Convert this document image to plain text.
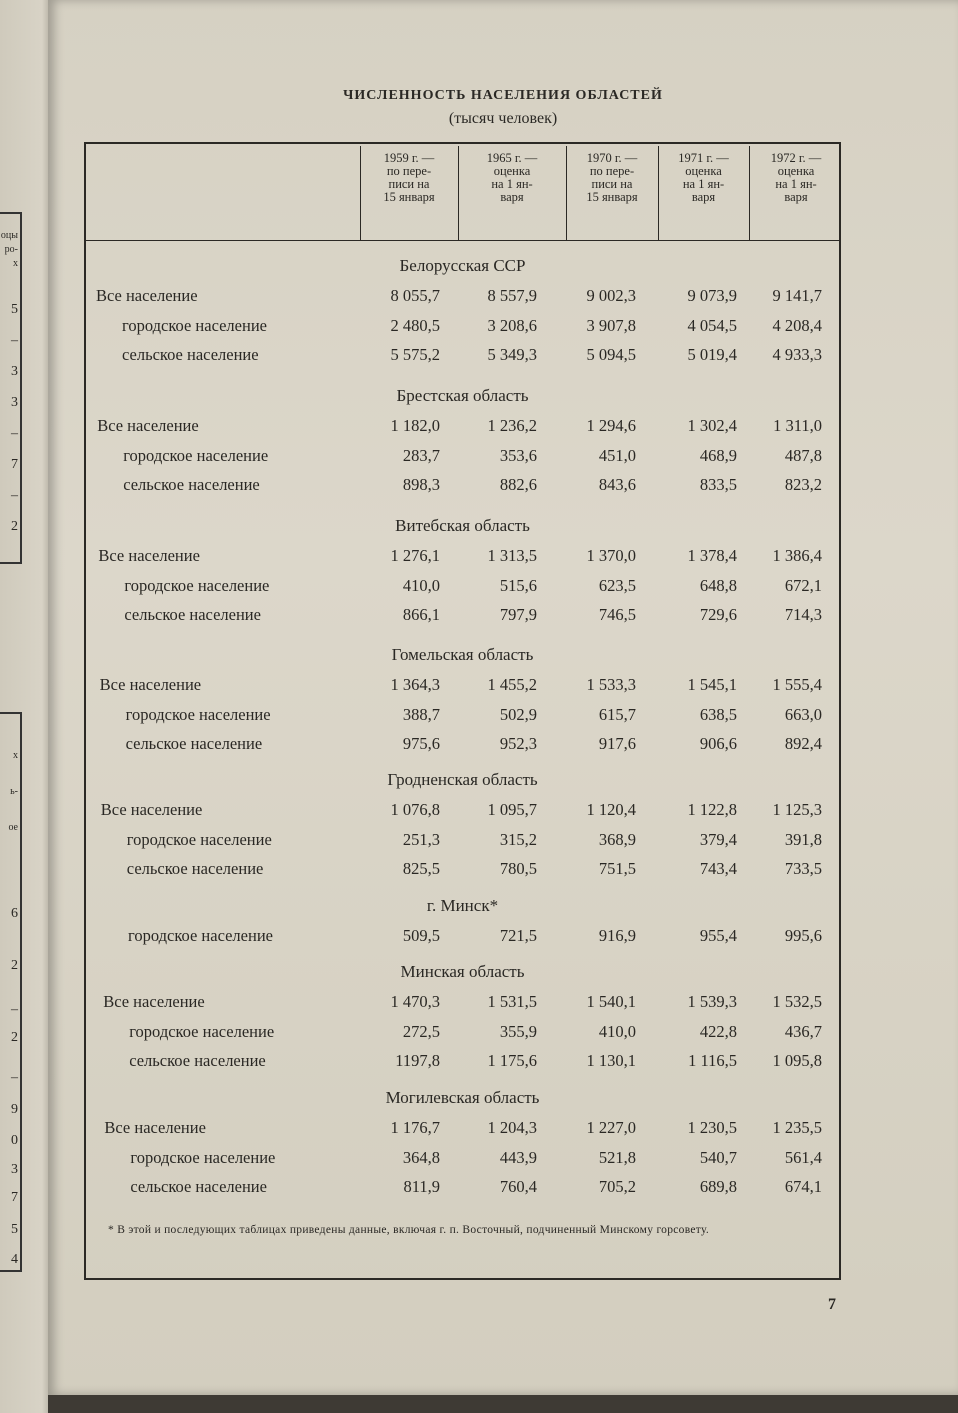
оцы
ро-
х
5
–
3
3
–
7
–
2
х
ь-
ое
6
2
–
2
–
9
0
3
7
5
4
ЧИСЛЕННОСТЬ НАСЕЛЕНИЯ ОБЛАСТЕЙ
(тысяч человек)
1959 г. —
по пере-
писи на
15 января
1965 г. —
оценка
на 1 ян-
варя
1970 г. —
по пере-
писи на
15 января
1971 г. —
оценка
на 1 ян-
варя
1972 г. —
оценка
на 1 ян-
варя
Белорусская ССР
Все население	8 055,7	8 557,9	9 002,3	9 073,9	9 141,7
городское население	2 480,5	3 208,6	3 907,8	4 054,5	4 208,4
сельское население	5 575,2	5 349,3	5 094,5	5 019,4	4 933,3
Брестская область
Все население	1 182,0	1 236,2	1 294,6	1 302,4	1 311,0
городское население	283,7	353,6	451,0	468,9	487,8
сельское население	898,3	882,6	843,6	833,5	823,2
Витебская область
Все население	1 276,1	1 313,5	1 370,0	1 378,4	1 386,4
городское население	410,0	515,6	623,5	648,8	672,1
сельское население	866,1	797,9	746,5	729,6	714,3
Гомельская область
Все население	1 364,3	1 455,2	1 533,3	1 545,1	1 555,4
городское население	388,7	502,9	615,7	638,5	663,0
сельское население	975,6	952,3	917,6	906,6	892,4
Гродненская область
Все население	1 076,8	1 095,7	1 120,4	1 122,8	1 125,3
городское население	251,3	315,2	368,9	379,4	391,8
сельское население	825,5	780,5	751,5	743,4	733,5
г. Минск*
городское население	509,5	721,5	916,9	955,4	995,6
Минская область
Все население	1 470,3	1 531,5	1 540,1	1 539,3	1 532,5
городское население	272,5	355,9	410,0	422,8	436,7
сельское население	1197,8	1 175,6	1 130,1	1 116,5	1 095,8
Могилевская область
Все население	1 176,7	1 204,3	1 227,0	1 230,5	1 235,5
городское население	364,8	443,9	521,8	540,7	561,4
сельское население	811,9	760,4	705,2	689,8	674,1
* В этой и последующих таблицах приведены данные, включая г. п. Восточный, подчиненный Минскому горсовету.
7
